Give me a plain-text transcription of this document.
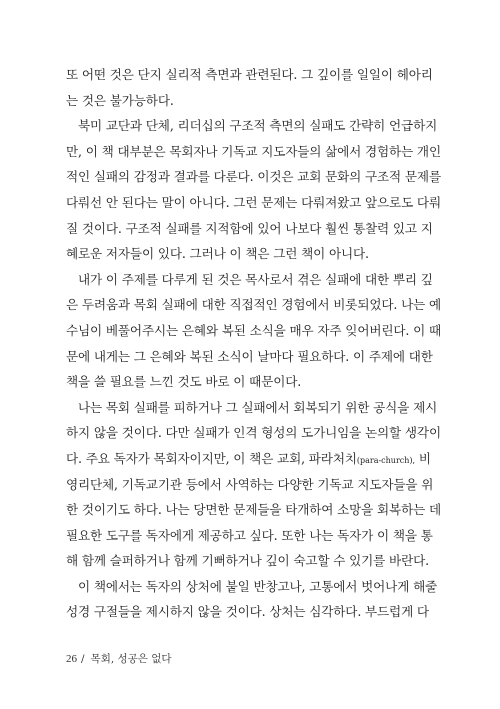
또 어떤 것은 단지 실리적 측면과 관련된다. 그 깊이를 일일이 헤아리
는 것은 불가능하다.
북미 교단과 단체, 리더십의 구조적 측면의 실패도 간략히 언급하지
만, 이 책 대부분은 목회자나 기독교 지도자들의 삶에서 경험하는 개인
적인 실패의 감정과 결과를 다룬다. 이것은 교회 문화의 구조적 문제를
다뤄선 안 된다는 말이 아니다. 그런 문제는 다뤄져왔고 앞으로도 다뤄
질 것이다. 구조적 실패를 지적함에 있어 나보다 훨씬 통찰력 있고 지
혜로운 저자들이 있다. 그러나 이 책은 그런 책이 아니다.
내가 이 주제를 다루게 된 것은 목사로서 겪은 실패에 대한 뿌리 깊
은 두려움과 목회 실패에 대한 직접적인 경험에서 비롯되었다. 나는 예
수님이 베풀어주시는 은혜와 복된 소식을 매우 자주 잊어버린다. 이 때
문에 내게는 그 은혜와 복된 소식이 날마다 필요하다. 이 주제에 대한
책을 쓸 필요를 느낀 것도 바로 이 때문이다.
나는 목회 실패를 피하거나 그 실패에서 회복되기 위한 공식을 제시
하지 않을 것이다. 다만 실패가 인격 형성의 도가니임을 논의할 생각이
다. 주요 독자가 목회자이지만, 이 책은 교회, 파라처치(para-church), 비
영리단체, 기독교기관 등에서 사역하는 다양한 기독교 지도자들을 위
한 것이기도 하다. 나는 당면한 문제들을 타개하여 소망을 회복하는 데
필요한 도구를 독자에게 제공하고 싶다. 또한 나는 독자가 이 책을 통
해 함께 슬퍼하거나 함께 기뻐하거나 깊이 숙고할 수 있기를 바란다.
이 책에서는 독자의 상처에 붙일 반창고나, 고통에서 벗어나게 해줄
성경 구절들을 제시하지 않을 것이다. 상처는 심각하다. 부드럽게 다
26 / 목회, 성공은 없다
